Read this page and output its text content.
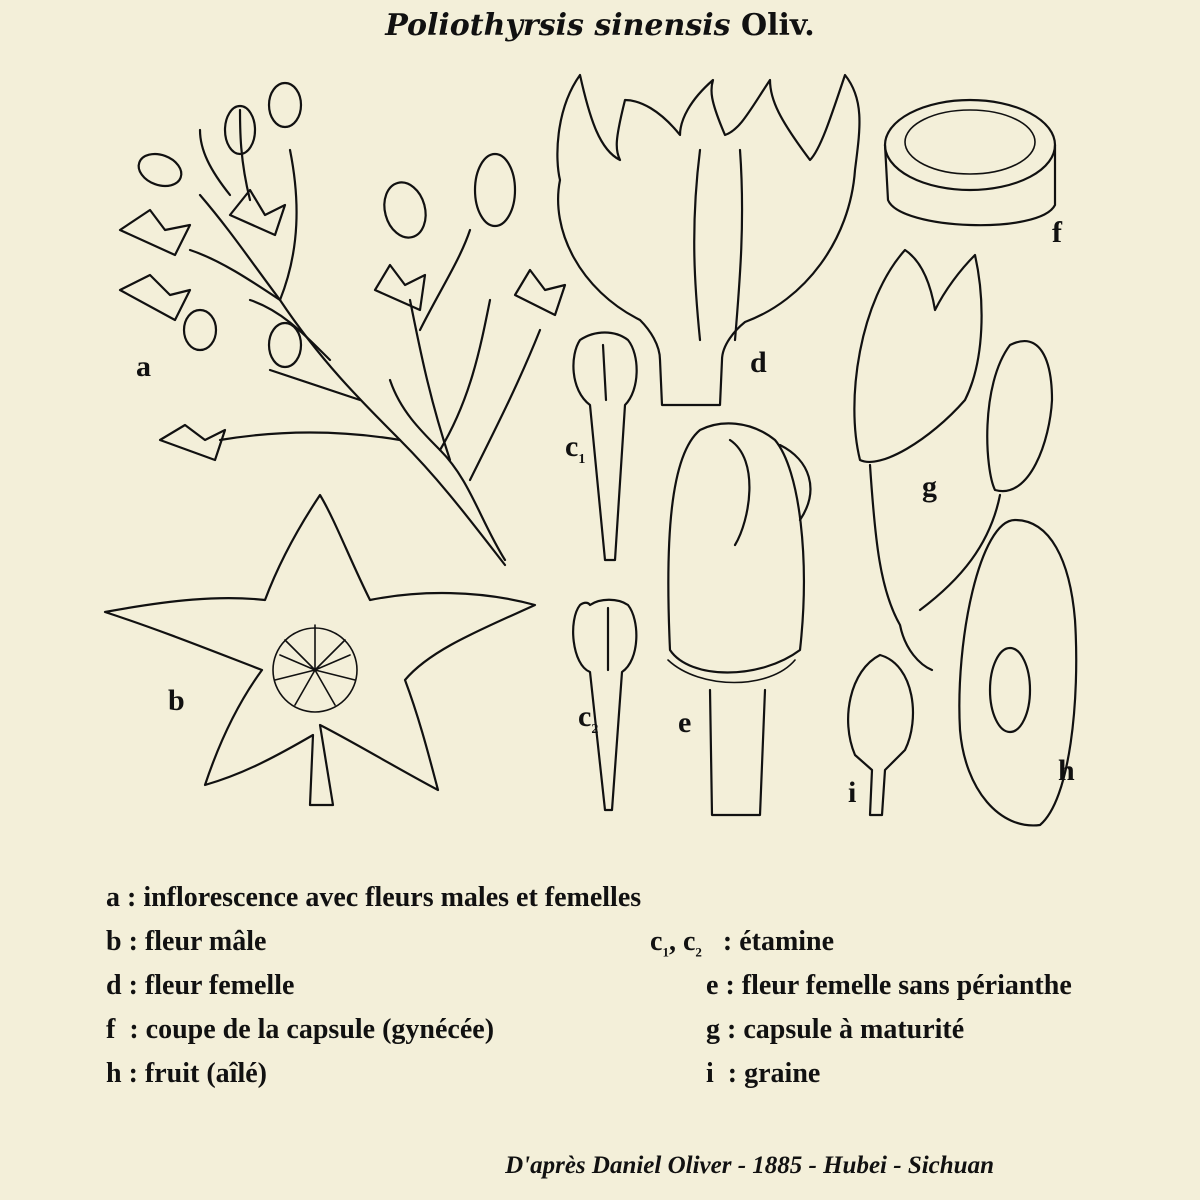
Poliothyrsis sinensis Oliv.
a
b
$c_1$
$c_2$
d
e
f
g
h
i
a : inflorescence avec fleurs males et femelles
b : fleur mâle
d : fleur femelle
f : coupe de la capsule (gynécée)
h : fruit (aîlé)
$c_1$, $c_2$ : étamine
e : fleur femelle sans périanthe
g : capsule à maturité
i : graine
D'après Daniel Oliver - 1885 - Hubei - Sichuan
